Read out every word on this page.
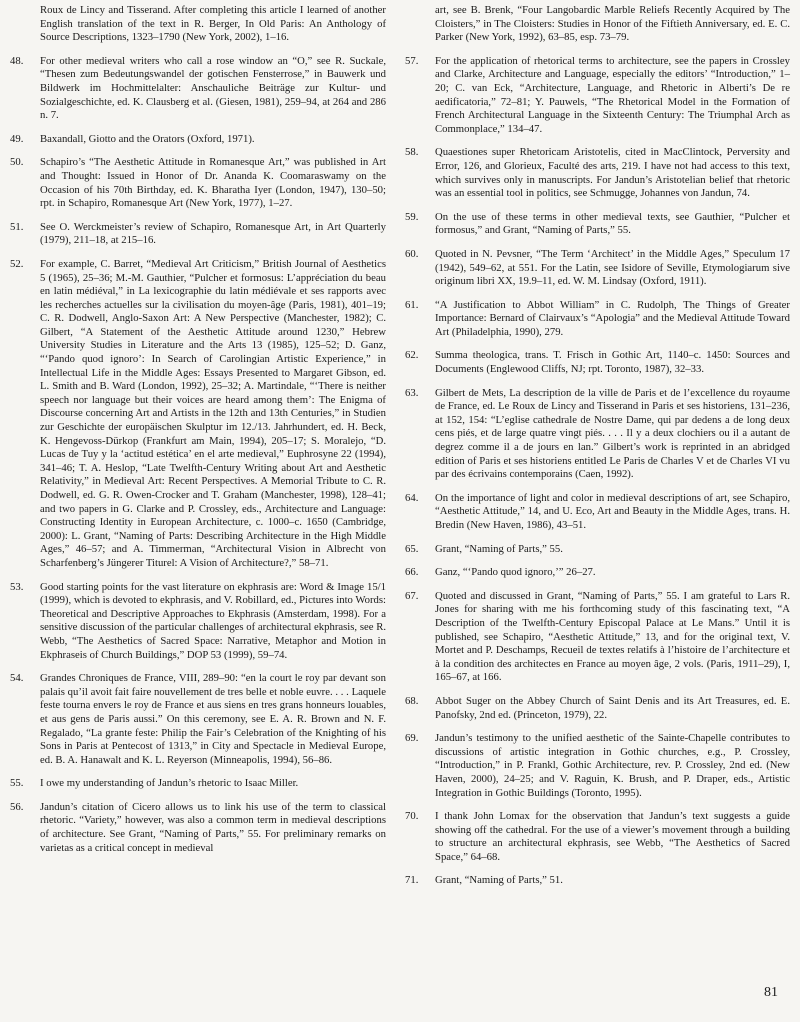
Roux de Lincy and Tisserand. After completing this article I learned of another English translation of the text in R. Berger, In Old Paris: An Anthology of Source Descriptions, 1323–1790 (New York, 2002), 1–16.
48. For other medieval writers who call a rose window an “O,” see R. Suckale, “Thesen zum Bedeutungswandel der gotischen Fensterrose,” in Bauwerk und Bildwerk im Hochmittelalter: Anschauliche Beiträge zur Kultur- und Sozialgeschichte, ed. K. Clausberg et al. (Giesen, 1981), 259–94, at 264 and 286 n. 7.
49. Baxandall, Giotto and the Orators (Oxford, 1971).
50. Schapiro’s “The Aesthetic Attitude in Romanesque Art,” was published in Art and Thought: Issued in Honor of Dr. Ananda K. Coomaraswamy on the Occasion of his 70th Birthday, ed. K. Bharatha Iyer (London, 1947), 130–50; rpt. in Schapiro, Romanesque Art (New York, 1977), 1–27.
51. See O. Werckmeister’s review of Schapiro, Romanesque Art, in Art Quarterly (1979), 211–18, at 215–16.
52. For example, C. Barret, “Medieval Art Criticism,” British Journal of Aesthetics 5 (1965), 25–36; M.-M. Gauthier, “Pulcher et formosus: L’appréciation du beau en latin médiéval,” in La lexicographie du latin médiévale et ses rapports avec les recherches actuelles sur la civilisation du moyen-âge (Paris, 1981), 401–19; C. R. Dodwell, Anglo-Saxon Art: A New Perspective (Manchester, 1982); C. Gilbert, “A Statement of the Aesthetic Attitude around 1230,” Hebrew University Studies in Literature and the Arts 13 (1985), 125–52; D. Ganz, “‘Pando quod ignoro’: In Search of Carolingian Artistic Experience,” in Intellectual Life in the Middle Ages: Essays Presented to Margaret Gibson, ed. L. Smith and B. Ward (London, 1992), 25–32; A. Martindale, “‘There is neither speech nor language but their voices are heard among them’: The Enigma of Discourse concerning Art and Artists in the 12th and 13th Centuries,” in Studien zur Geschichte der europäischen Skulptur im 12./13. Jahrhundert, ed. H. Beck, K. Hengevoss-Dürkop (Frankfurt am Main, 1994), 205–17; S. Moralejo, “D. Lucas de Tuy y la ‘actitud estética’ en el arte medieval,” Euphrosyne 22 (1994), 341–46; T. A. Heslop, “Late Twelfth-Century Writing about Art and Aesthetic Relativity,” in Medieval Art: Recent Perspectives. A Memorial Tribute to C. R. Dodwell, ed. G. R. Owen-Crocker and T. Graham (Manchester, 1998), 128–41; and two papers in G. Clarke and P. Crossley, eds., Architecture and Language: Constructing Identity in European Architecture, c. 1000–c. 1650 (Cambridge, 2000): L. Grant, “Naming of Parts: Describing Architecture in the High Middle Ages,” 46–57; and A. Timmerman, “Architectural Vision in Albrecht von Scharfenberg’s Jüngerer Titurel: A Vision of Architecture?,” 58–71.
53. Good starting points for the vast literature on ekphrasis are: Word & Image 15/1 (1999), which is devoted to ekphrasis, and V. Robillard, ed., Pictures into Words: Theoretical and Descriptive Approaches to Ekphrasis (Amsterdam, 1998). For a sensitive discussion of the particular challenges of architectural ekphrasis, see R. Webb, “The Aesthetics of Sacred Space: Narrative, Metaphor and Motion in Ekphraseis of Church Buildings,” DOP 53 (1999), 59–74.
54. Grandes Chroniques de France, VIII, 289–90: “en la court le roy par devant son palais qu’il avoit fait faire nouvellement de tres belle et noble euvre. . . . Laquele feste tourna envers le roy de France et aus siens en tres grans honneurs louables, et aus gens de Paris aussi.” On this ceremony, see E. A. R. Brown and N. F. Regalado, “La grante feste: Philip the Fair’s Celebration of the Knighting of his Sons in Paris at Pentecost of 1313,” in City and Spectacle in Medieval Europe, ed. B. A. Hanawalt and K. L. Reyerson (Minneapolis, 1994), 56–86.
55. I owe my understanding of Jandun’s rhetoric to Isaac Miller.
56. Jandun’s citation of Cicero allows us to link his use of the term to classical rhetoric. “Variety,” however, was also a common term in medieval descriptions of architecture. See Grant, “Naming of Parts,” 55. For preliminary remarks on varietas as a critical concept in medieval
art, see B. Brenk, “Four Langobardic Marble Reliefs Recently Acquired by The Cloisters,” in The Cloisters: Studies in Honor of the Fiftieth Anniversary, ed. E. C. Parker (New York, 1992), 63–85, esp. 73–79.
57. For the application of rhetorical terms to architecture, see the papers in Crossley and Clarke, Architecture and Language, especially the editors’ “Introduction,” 1–20; C. van Eck, “Architecture, Language, and Rhetoric in Alberti’s De re aedificatoria,” 72–81; Y. Pauwels, “The Rhetorical Model in the Formation of French Architectural Language in the Sixteenth Century: The Triumphal Arch as Commonplace,” 134–47.
58. Quaestiones super Rhetoricam Aristotelis, cited in MacClintock, Perversity and Error, 126, and Glorieux, Faculté des arts, 219. I have not had access to this text, which survives only in manuscripts. For Jandun’s Aristotelian belief that rhetoric was an essential tool in politics, see Schmugge, Johannes von Jandun, 74.
59. On the use of these terms in other medieval texts, see Gauthier, “Pulcher et formosus,” and Grant, “Naming of Parts,” 55.
60. Quoted in N. Pevsner, “The Term ‘Architect’ in the Middle Ages,” Speculum 17 (1942), 549–62, at 551. For the Latin, see Isidore of Seville, Etymologiarum sive originum libri XX, 19.9–11, ed. W. M. Lindsay (Oxford, 1911).
61. “A Justification to Abbot William” in C. Rudolph, The Things of Greater Importance: Bernard of Clairvaux’s “Apologia” and the Medieval Attitude Toward Art (Philadelphia, 1990), 279.
62. Summa theologica, trans. T. Frisch in Gothic Art, 1140–c. 1450: Sources and Documents (Englewood Cliffs, NJ; rpt. Toronto, 1987), 32–33.
63. Gilbert de Mets, La description de la ville de Paris et de l’excellence du royaume de France, ed. Le Roux de Lincy and Tisserand in Paris et ses historiens, 131–236, at 152, 154: “L’eglise cathedrale de Nostre Dame, qui par dedens a de long deux cens piés, et de large quatre vingt piés. . . . Il y a deux clochiers ou il a autant de degrez comme il a de jours en lan.” Gilbert’s work is reprinted in an abridged edition of Paris et ses historiens entitled Le Paris de Charles V et de Charles VI vu par des écrivains contemporains (Caen, 1992).
64. On the importance of light and color in medieval descriptions of art, see Schapiro, “Aesthetic Attitude,” 14, and U. Eco, Art and Beauty in the Middle Ages, trans. H. Bredin (New Haven, 1986), 43–51.
65. Grant, “Naming of Parts,” 55.
66. Ganz, “‘Pando quod ignoro,’” 26–27.
67. Quoted and discussed in Grant, “Naming of Parts,” 55. I am grateful to Lars R. Jones for sharing with me his forthcoming study of this fascinating text, “A Description of the Twelfth-Century Episcopal Palace at Le Mans.” Until it is published, see Schapiro, “Aesthetic Attitude,” 13, and for the original text, V. Mortet and P. Deschamps, Recueil de textes relatifs à l’histoire de l’architecture et à la condition des architectes en France au moyen âge, 2 vols. (Paris, 1911–29), I, 165–67, at 166.
68. Abbot Suger on the Abbey Church of Saint Denis and its Art Treasures, ed. E. Panofsky, 2nd ed. (Princeton, 1979), 22.
69. Jandun’s testimony to the unified aesthetic of the Sainte-Chapelle contributes to discussions of artistic integration in Gothic churches, e.g., P. Crossley, “Introduction,” in P. Frankl, Gothic Architecture, rev. P. Crossley, 2nd ed. (New Haven, 2000), 24–25; and V. Raguin, K. Brush, and P. Draper, eds., Artistic Integration in Gothic Buildings (Toronto, 1995).
70. I thank John Lomax for the observation that Jandun’s text suggests a guide showing off the cathedral. For the use of a viewer’s movement through a building to structure an architectural ekphrasis, see Webb, “The Aesthetics of Sacred Space,” 64–68.
71. Grant, “Naming of Parts,” 51.
81
